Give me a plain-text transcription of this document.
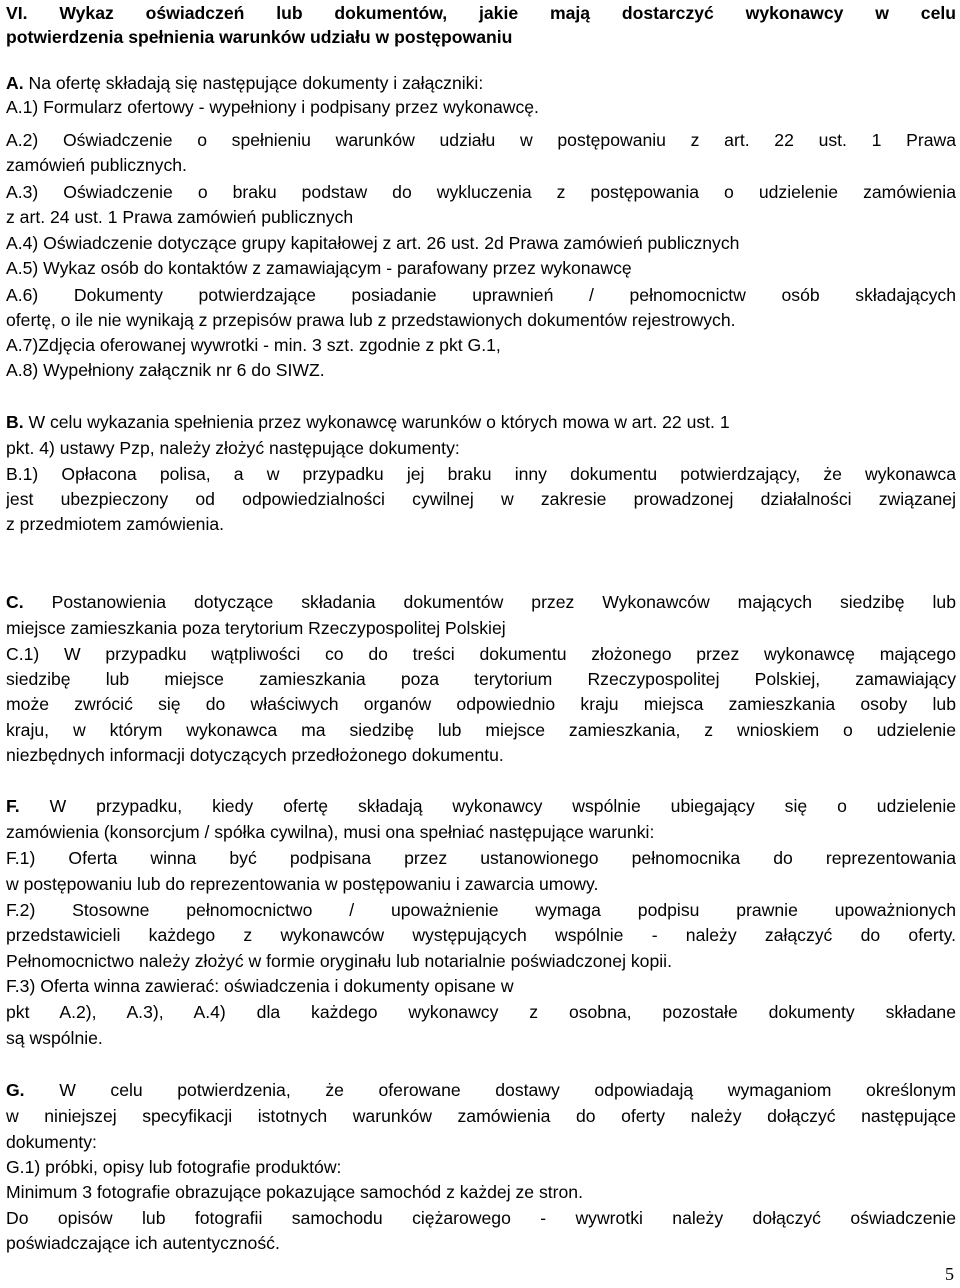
VI. Wykaz oświadczeń lub dokumentów, jakie mają dostarczyć wykonawcy w celu
potwierdzenia spełnienia warunków udziału w postępowaniu
A. Na ofertę składają się następujące dokumenty i załączniki:
A.1) Formularz ofertowy - wypełniony i podpisany przez wykonawcę.
A.2) Oświadczenie o spełnieniu warunków udziału w postępowaniu z art. 22 ust. 1 Prawa
zamówień publicznych.
A.3) Oświadczenie o braku podstaw do wykluczenia z postępowania o udzielenie zamówienia
z art. 24 ust. 1 Prawa zamówień publicznych
A.4) Oświadczenie dotyczące grupy kapitałowej z art. 26 ust. 2d Prawa zamówień publicznych
A.5) Wykaz osób do kontaktów z zamawiającym - parafowany przez wykonawcę
A.6) Dokumenty potwierdzające posiadanie uprawnień / pełnomocnictw osób składających
ofertę, o ile nie wynikają z przepisów prawa lub z przedstawionych dokumentów rejestrowych.
A.7)Zdjęcia oferowanej wywrotki - min. 3 szt. zgodnie z pkt G.1,
A.8) Wypełniony załącznik nr 6 do SIWZ.
B. W celu wykazania spełnienia przez wykonawcę warunków o których mowa w art. 22 ust. 1
pkt. 4) ustawy Pzp, należy złożyć następujące dokumenty:
B.1) Opłacona polisa, a w przypadku jej braku inny dokumentu potwierdzający, że wykonawca
jest ubezpieczony od odpowiedzialności cywilnej w zakresie prowadzonej działalności związanej
z przedmiotem zamówienia.
C. Postanowienia dotyczące składania dokumentów przez Wykonawców mających siedzibę lub
miejsce zamieszkania poza terytorium Rzeczypospolitej Polskiej
C.1) W przypadku wątpliwości co do treści dokumentu złożonego przez wykonawcę mającego
siedzibę lub miejsce zamieszkania poza terytorium Rzeczypospolitej Polskiej, zamawiający
może zwrócić się do właściwych organów odpowiednio kraju miejsca zamieszkania osoby lub
kraju, w którym wykonawca ma siedzibę lub miejsce zamieszkania, z wnioskiem o udzielenie
niezbędnych informacji dotyczących przedłożonego dokumentu.
F. W przypadku, kiedy ofertę składają wykonawcy wspólnie ubiegający się o udzielenie
zamówienia (konsorcjum / spółka cywilna), musi ona spełniać następujące warunki:
F.1) Oferta winna być podpisana przez ustanowionego pełnomocnika do reprezentowania
w postępowaniu lub do reprezentowania w postępowaniu i zawarcia umowy.
F.2) Stosowne pełnomocnictwo / upoważnienie wymaga podpisu prawnie upoważnionych
przedstawicieli każdego z wykonawców występujących wspólnie - należy załączyć do oferty.
Pełnomocnictwo należy złożyć w formie oryginału lub notarialnie poświadczonej kopii.
F.3) Oferta winna zawierać: oświadczenia i dokumenty opisane w
pkt A.2), A.3), A.4) dla każdego wykonawcy z osobna, pozostałe dokumenty składane
są wspólnie.
G. W celu potwierdzenia, że oferowane dostawy odpowiadają wymaganiom określonym
w niniejszej specyfikacji istotnych warunków zamówienia do oferty należy dołączyć następujące
dokumenty:
G.1) próbki, opisy lub fotografie produktów:
Minimum 3 fotografie obrazujące pokazujące samochód z każdej ze stron.
Do opisów lub fotografii samochodu ciężarowego - wywrotki należy dołączyć oświadczenie
poświadczające ich autentyczność.
5
